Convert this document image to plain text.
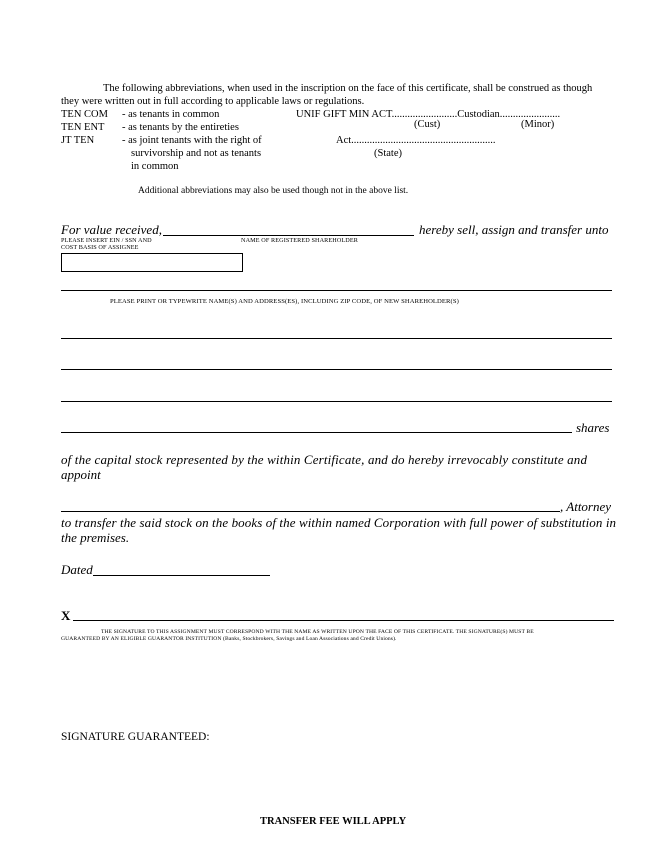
The following abbreviations, when used in the inscription on the face of this certificate, shall be construed as though
they were written out in full according to applicable laws or regulations.
TEN COM - as tenants in common
TEN ENT - as tenants by the entireties
JT TEN	- as joint tenants with the right of
survivorship and not as tenants
in common
UNIF GIFT MIN ACT.........................Custodian.......................
(Cust)	(Minor)
Act.......................................................
(State)
Additional abbreviations may also be used though not in the above list.
For value received,	hereby sell, assign and transfer unto
PLEASE INSERT EIN / SSN AND
COST BASIS OF ASSIGNEE
NAME OF REGISTERED SHAREHOLDER
PLEASE PRINT OR TYPEWRITE NAME(S) AND ADDRESS(ES), INCLUDING ZIP CODE, OF NEW SHAREHOLDER(S)
shares
of the capital stock represented by the within Certificate, and do hereby irrevocably constitute and
appoint
, Attorney
to transfer the said stock on the books of the within named Corporation with full power of substitution in
the premises.
Dated
X
THE SIGNATURE TO THIS ASSIGNMENT MUST CORRESPOND WITH THE NAME AS WRITTEN UPON THE FACE OF THIS CERTIFICATE. THE SIGNATURE(S) MUST BE
GUARANTEED BY AN ELIGIBLE GUARANTOR INSTITUTION (Banks, Stockbrokers, Savings and Loan Associations and Credit Unions).
SIGNATURE GUARANTEED:
TRANSFER FEE WILL APPLY
